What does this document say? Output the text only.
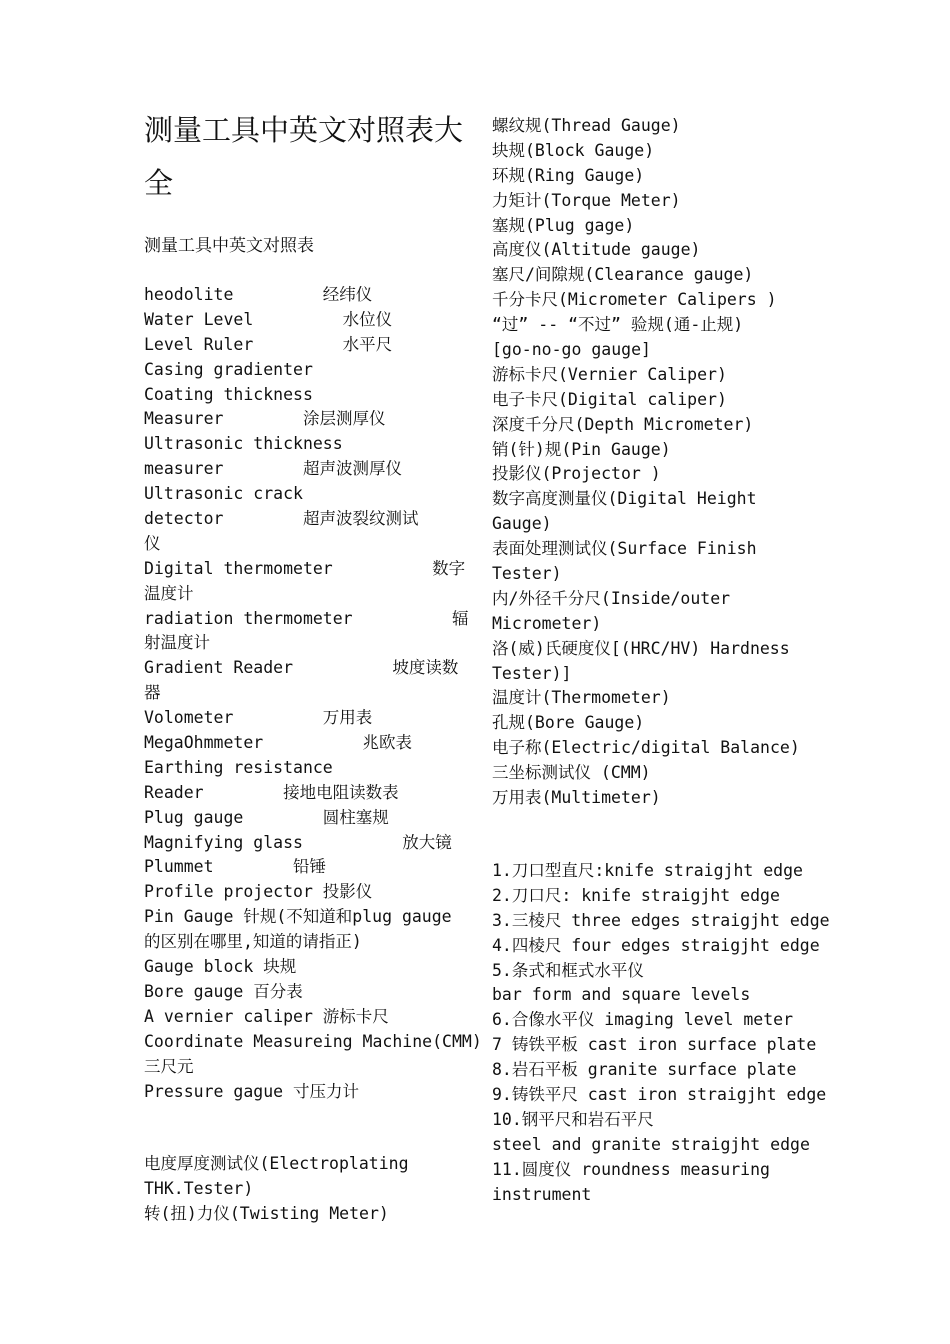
测量工具中英文对照表大全
测量工具中英文对照表
heodolite         经纬仪
Water Level         水位仪
Level Ruler         水平尺
Casing gradienter
Coating thickness
Measurer        涂层测厚仪
Ultrasonic thickness
measurer        超声波测厚仪
Ultrasonic crack
detector        超声波裂纹测试
仪
Digital thermometer          数字
温度计
radiation thermometer          辐
射温度计
Gradient Reader          坡度读数
器
Volometer         万用表
MegaOhmmeter          兆欧表
Earthing resistance
Reader        接地电阻读数表
Plug gauge        圆柱塞规
Magnifying glass          放大镜
Plummet        铅锤
Profile projector 投影仪
Pin Gauge 针规(不知道和plug gauge
的区别在哪里,知道的请指正)
Gauge block 块规
Bore gauge 百分表
A vernier caliper 游标卡尺
Coordinate Measureing Machine(CMM)
三尺元
Pressure gague 寸压力计
电度厚度测试仪(Electroplating
THK.Tester)
转(扭)力仪(Twisting Meter)
螺纹规(Thread Gauge)
块规(Block Gauge)
环规(Ring Gauge)
力矩计(Torque Meter)
塞规(Plug gage)
高度仪(Altitude gauge)
塞尺/间隙规(Clearance gauge)
千分卡尺(Micrometer Calipers )
“过” -- “不过” 验规(通-止规)
[go-no-go gauge]
游标卡尺(Vernier Caliper)
电子卡尺(Digital caliper)
深度千分尺(Depth Micrometer)
销(针)规(Pin Gauge)
投影仪(Projector )
数字高度测量仪(Digital Height
Gauge)
表面处理测试仪(Surface Finish
Tester)
内/外径千分尺(Inside/outer
Micrometer)
洛(威)氏硬度仪[(HRC/HV) Hardness
Tester)]
温度计(Thermometer)
孔规(Bore Gauge)
电子称(Electric/digital Balance)
三坐标测试仪 (CMM)
万用表(Multimeter)
1.刀口型直尺:knife straigjht edge
2.刀口尺: knife straigjht edge
3.三棱尺 three edges straigjht edge
4.四棱尺 four edges straigjht edge
5.条式和框式水平仪
bar form and square levels
6.合像水平仪 imaging level meter
7 铸铁平板 cast iron surface plate
8.岩石平板 granite surface plate
9.铸铁平尺 cast iron straigjht edge
10.钢平尺和岩石平尺
steel and granite straigjht edge
11.圆度仪 roundness measuring
instrument
